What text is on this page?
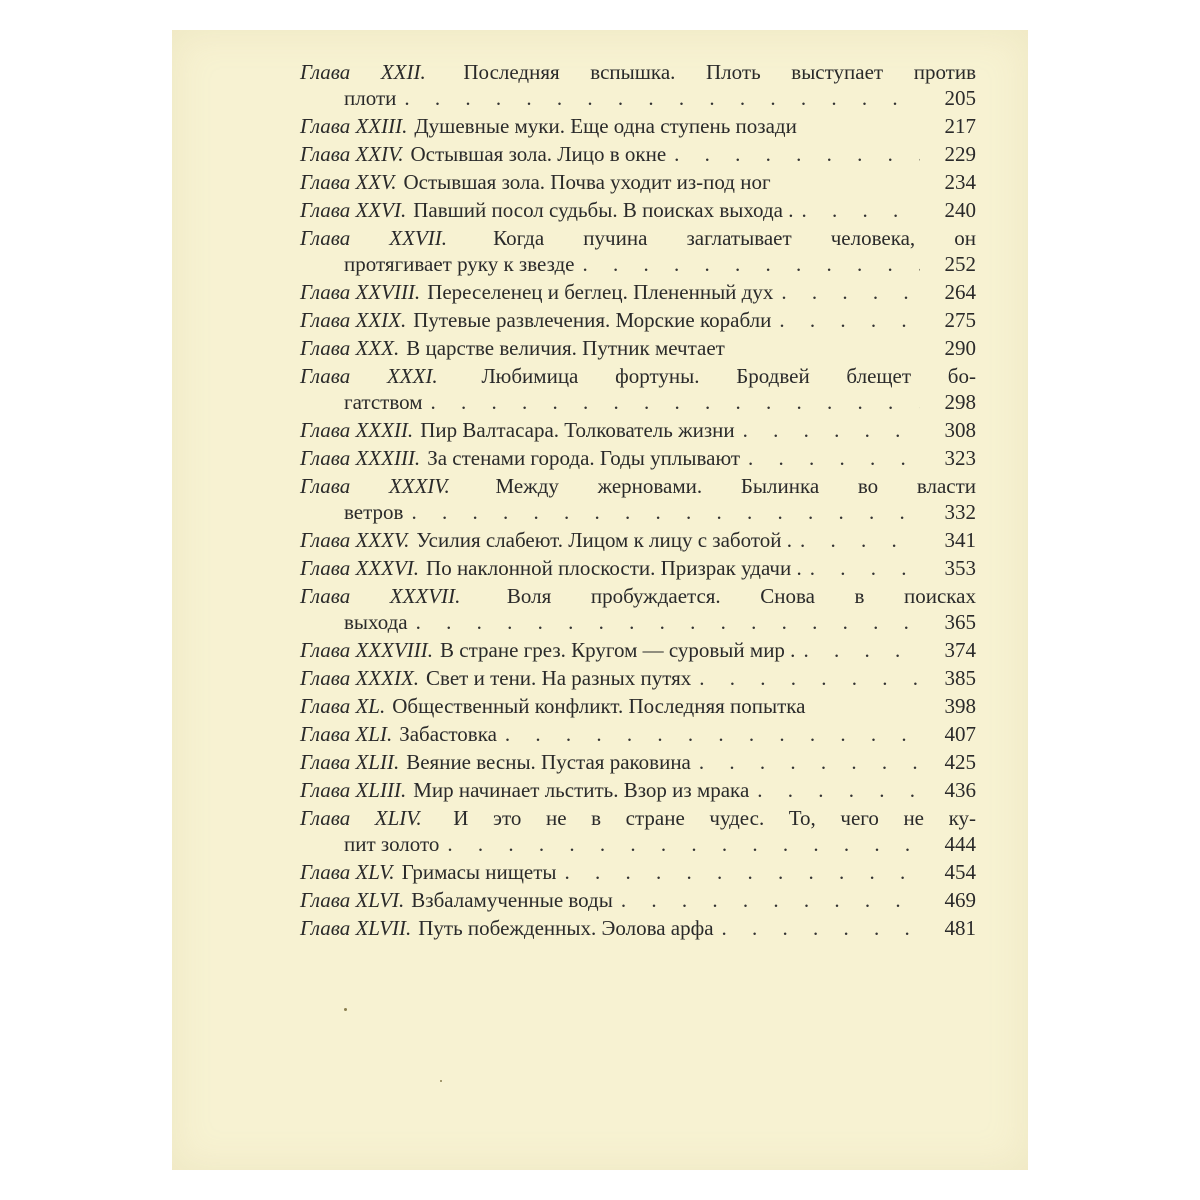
Глава XXII. Последняя вспышка. Плоть выступает против
плоти . . .	205
Глава XXIII. Душевные муки. Еще одна ступень позади	217
Глава XXIV. Остывшая зола. Лицо в окне . . .	229
Глава XXV. Остывшая зола. Почва уходит из-под ног	234
Глава XXVI. Павший посол судьбы. В поисках выхода . . . .	240
Глава XXVII. Когда пучина заглатывает человека, он
протягивает руку к звезде . . .	252
Глава XXVIII. Переселенец и беглец. Плененный дух . . .	264
Глава XXIX. Путевые развлечения. Морские корабли . . .	275
Глава XXX. В царстве величия. Путник мечтает	290
Глава XXXI. Любимица фортуны. Бродвей блещет бо-
гатством . . .	298
Глава XXXII. Пир Валтасара. Толкователь жизни . . .	308
Глава XXXIII. За стенами города. Годы уплывают . . .	323
Глава XXXIV. Между жерновами. Былинка во власти
ветров . . .	332
Глава XXXV. Усилия слабеют. Лицом к лицу с заботой . . . .	341
Глава XXXVI. По наклонной плоскости. Призрак удачи . . . .	353
Глава XXXVII. Воля пробуждается. Снова в поисках
выхода . . .	365
Глава XXXVIII. В стране грез. Кругом — суровый мир . . . .	374
Глава XXXIX. Свет и тени. На разных путях . . .	385
Глава XL. Общественный конфликт. Последняя попытка	398
Глава XLI. Забастовка . . .	407
Глава XLII. Веяние весны. Пустая раковина . . .	425
Глава XLIII. Мир начинает льстить. Взор из мрака . . .	436
Глава XLIV. И это не в стране чудес. То, чего не ку-
пит золото . . .	444
Глава XLV. Гримасы нищеты . . .	454
Глава XLVI. Взбаламученные воды . . .	469
Глава XLVII. Путь побежденных. Эолова арфа . . .	481
